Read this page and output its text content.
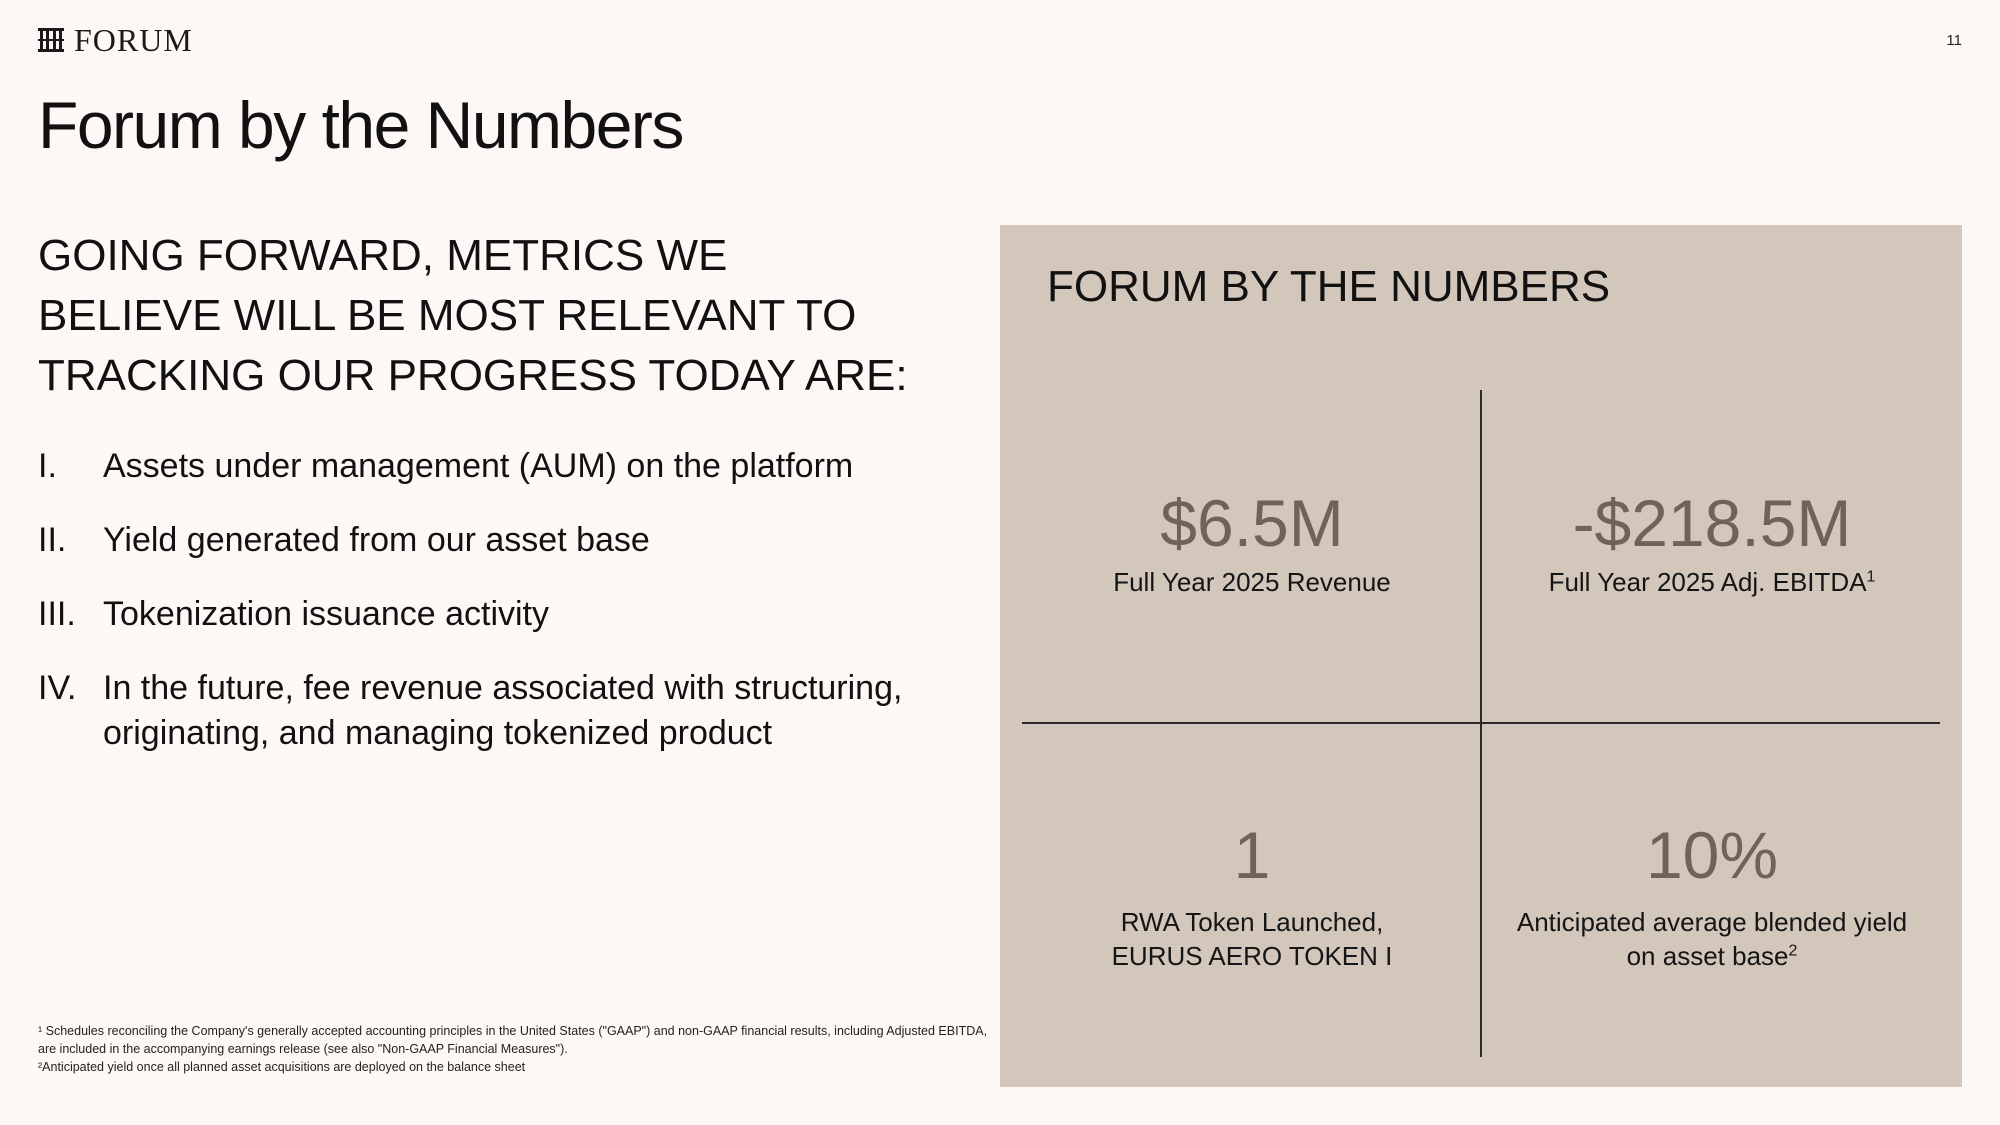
FORUM	11
Forum by the Numbers
GOING FORWARD, METRICS WE BELIEVE WILL BE MOST RELEVANT TO TRACKING OUR PROGRESS TODAY ARE:
I.	Assets under management (AUM) on the platform
II.	Yield generated from our asset base
III. Tokenization issuance activity
IV. In the future, fee revenue associated with structuring, originating, and managing tokenized product

¹ Schedules reconciling the Company's generally accepted accounting principles in the United States ("GAAP") and non-GAAP financial results, including Adjusted EBITDA, are included in the accompanying earnings release (see also "Non-GAAP Financial Measures").

²Anticipated yield once all planned asset acquisitions are deployed on the balance sheet

FORUM BY THE NUMBERS
$6.5M
Full Year 2025 Revenue
-$218.5M
Full Year 2025 Adj. EBITDA$^1$
1
RWA Token Launched,
EURUS AERO TOKEN I
10%
Anticipated average blended yield
on asset base$^2$
